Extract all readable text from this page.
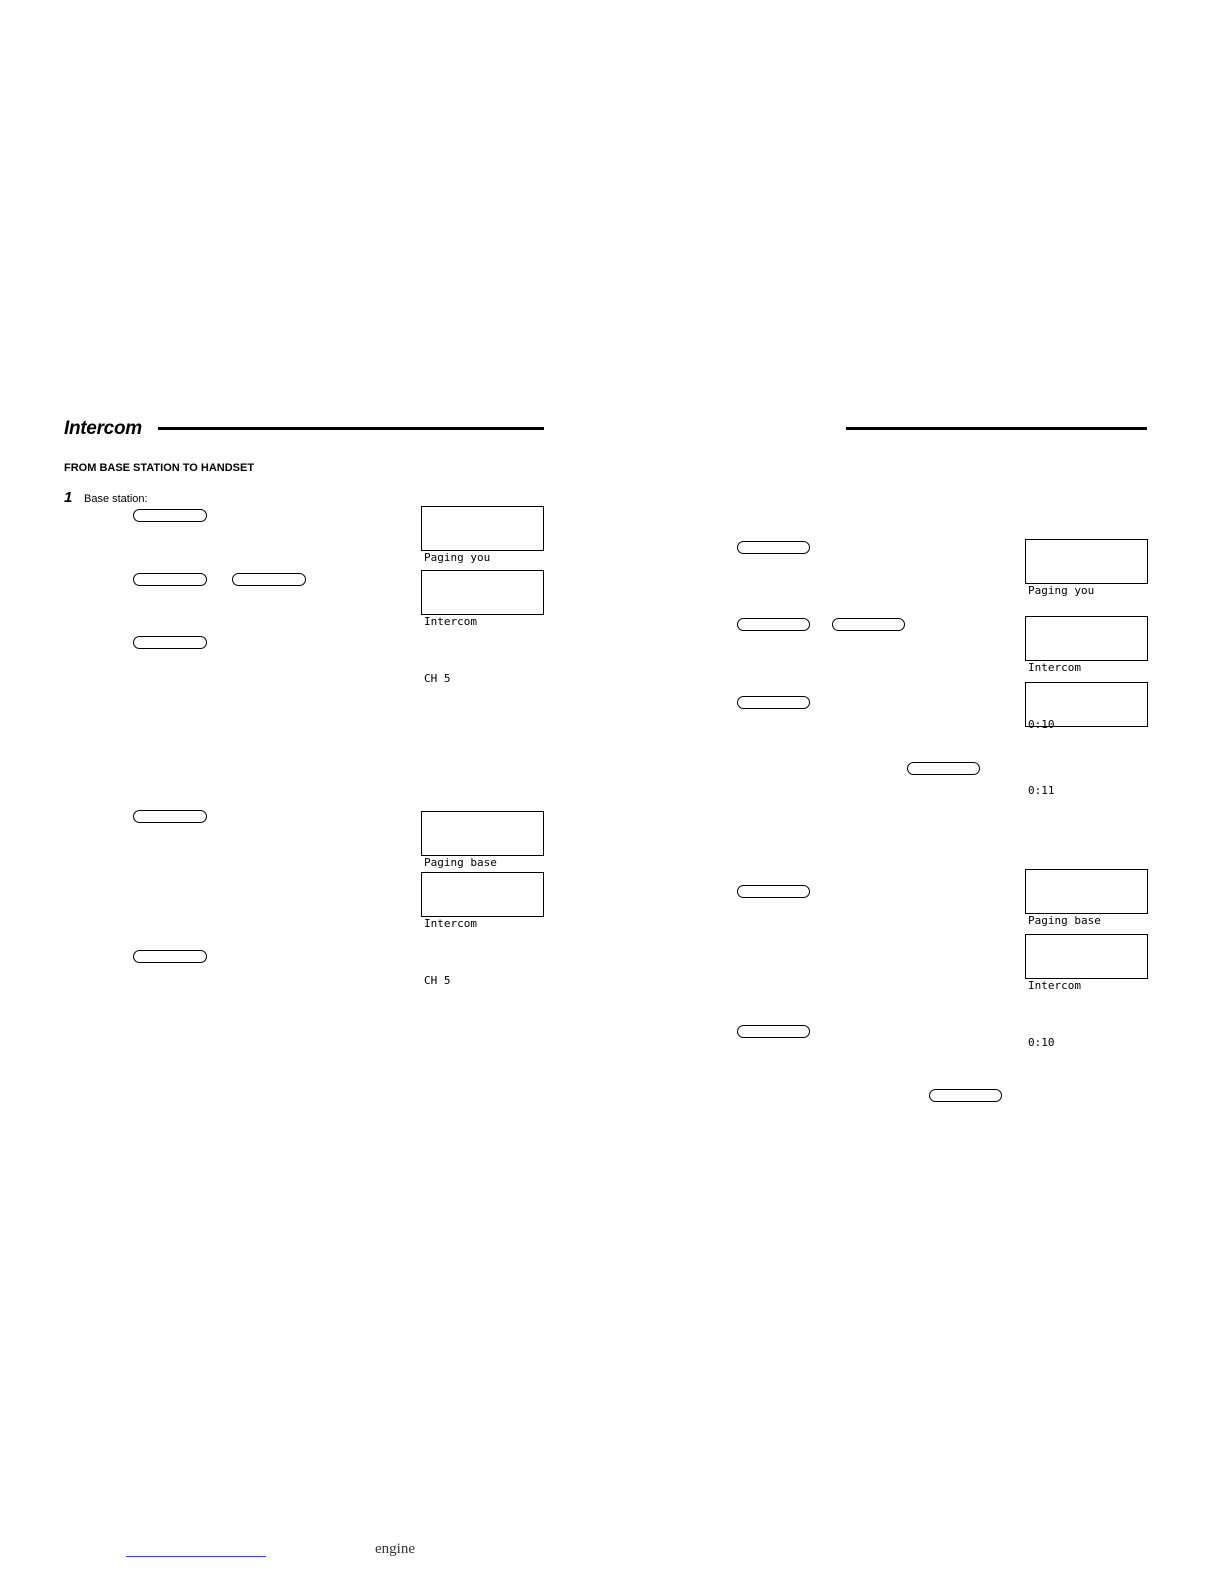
Intercom
FROM BASE STATION TO HANDSET
1 Base station:

Paging you

Intercom

CH 5

Paging base

Intercom

CH 5

Paging you

Intercom

0:10

0:11

Paging base

Intercom

0:10

engine
